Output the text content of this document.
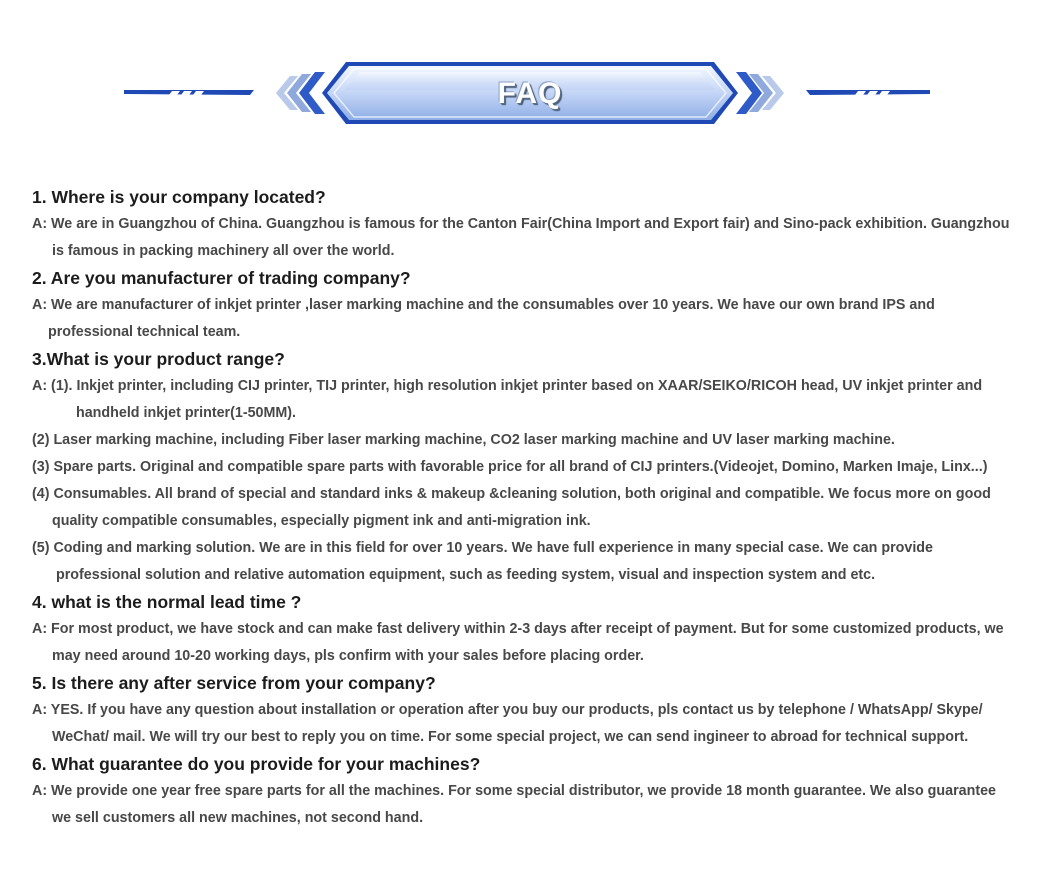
FAQ
1. Where is your company located?
A: We are in Guangzhou of China. Guangzhou is famous for the Canton Fair(China Import and Export fair) and Sino-pack exhibition. Guangzhou
is famous in packing machinery all over the world.
2. Are you manufacturer of trading company?
A: We are manufacturer of inkjet printer ,laser marking machine and the consumables over 10 years. We have our own brand IPS and
professional technical team.
3.What is your product range?
A: (1). Inkjet printer, including CIJ printer, TIJ printer, high resolution inkjet printer based on XAAR/SEIKO/RICOH head, UV inkjet printer and
handheld inkjet printer(1-50MM).
(2) Laser marking machine, including Fiber laser marking machine, CO2 laser marking machine and UV laser marking machine.
(3) Spare parts. Original and compatible spare parts with favorable price for all brand of CIJ printers.(Videojet, Domino, Marken Imaje, Linx...)
(4) Consumables. All brand of special and standard inks & makeup &cleaning solution, both original and compatible. We focus more on good
quality compatible consumables, especially pigment ink and anti-migration ink.
(5) Coding and marking solution. We are in this field for over 10 years. We have full experience in many special case. We can provide
professional solution and relative automation equipment, such as feeding system, visual and inspection system and etc.
4. what is the normal lead time ?
A: For most product, we have stock and can make fast delivery within 2-3 days after receipt of payment. But for some customized products, we
may need around 10-20 working days, pls confirm with your sales before placing order.
5. Is there any after service from your company?
A: YES. If you have any question about installation or operation after you buy our products, pls contact us by telephone / WhatsApp/ Skype/
WeChat/ mail. We will try our best to reply you on time. For some special project, we can send ingineer to abroad for technical support.
6. What guarantee do you provide for your machines?
A: We provide one year free spare parts for all the machines. For some special distributor, we provide 18 month guarantee. We also guarantee
we sell customers all new machines, not second hand.
